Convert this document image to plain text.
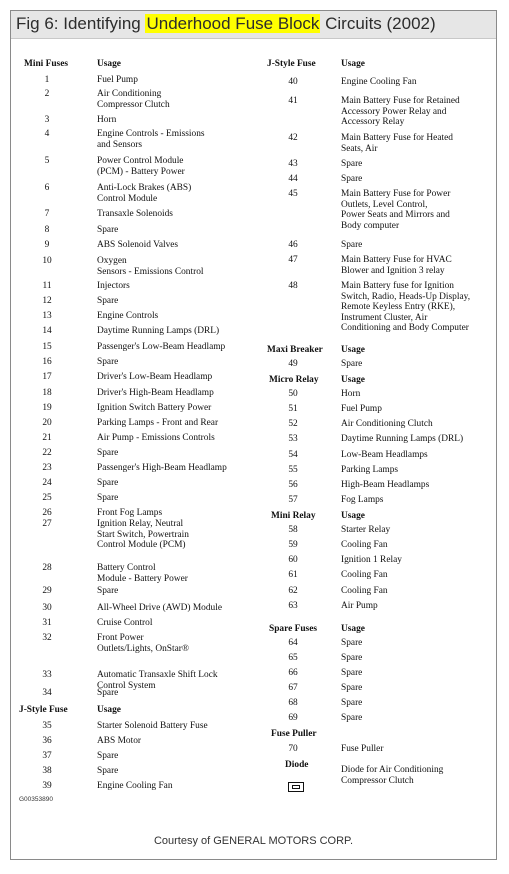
Fig 6: Identifying Underhood Fuse Block Circuits (2002)
Mini Fuses	Usage
1	Fuel Pump
2	Air Conditioning
Compressor Clutch
3	Horn
4	Engine Controls - Emissions
and Sensors
5	Power Control Module
(PCM) - Battery Power
6	Anti-Lock Brakes (ABS)
Control Module
7	Transaxle Solenoids
8	Spare
9	ABS Solenoid Valves
10	Oxygen
Sensors - Emissions Control
11	Injectors
12	Spare
13	Engine Controls
14	Daytime Running Lamps (DRL)
15	Passenger's Low-Beam Headlamp
16	Spare
17	Driver's Low-Beam Headlamp
18	Driver's High-Beam Headlamp
19	Ignition Switch Battery Power
20	Parking Lamps - Front and Rear
21	Air Pump - Emissions Controls
22	Spare
23	Passenger's High-Beam Headlamp
24	Spare
25	Spare
26	Front Fog Lamps
27	Ignition Relay, Neutral
Start Switch, Powertrain
Control Module (PCM)
28	Battery Control
Module - Battery Power
29	Spare
30	All-Wheel Drive (AWD) Module
31	Cruise Control
32	Front Power
Outlets/Lights, OnStar®
33	Automatic Transaxle Shift Lock
Control System
34	Spare
J-Style Fuse	Usage
35	Starter Solenoid Battery Fuse
36	ABS Motor
37	Spare
38	Spare
39	Engine Cooling Fan
G00353890
J-Style Fuse	Usage
40	Engine Cooling Fan
41	Main Battery Fuse for Retained
Accessory Power Relay and
Accessory Relay
42	Main Battery Fuse for Heated
Seats, Air
43	Spare
44	Spare
45	Main Battery Fuse for Power
Outlets, Level Control,
Power Seats and Mirrors and
Body computer
46	Spare
47	Main Battery Fuse for HVAC
Blower and Ignition 3 relay
48	Main Battery fuse for Ignition
Switch, Radio, Heads-Up Display,
Remote Keyless Entry (RKE),
Instrument Cluster, Air
Conditioning and Body Computer
Maxi Breaker Usage
49	Spare
Micro Relay Usage
50	Horn
51	Fuel Pump
52	Air Conditioning Clutch
53	Daytime Running Lamps (DRL)
54	Low-Beam Headlamps
55	Parking Lamps
56	High-Beam Headlamps
57	Fog Lamps
Mini Relay	Usage
58	Starter Relay
59	Cooling Fan
60	Ignition 1 Relay
61	Cooling Fan
62	Cooling Fan
63	Air Pump
Spare Fuses	Usage
64	Spare
65	Spare
66	Spare
67	Spare
68	Spare
69	Spare
Fuse Puller
70	Fuse Puller
Diode	Diode for Air Conditioning
Compressor Clutch
Courtesy of GENERAL MOTORS CORP.
